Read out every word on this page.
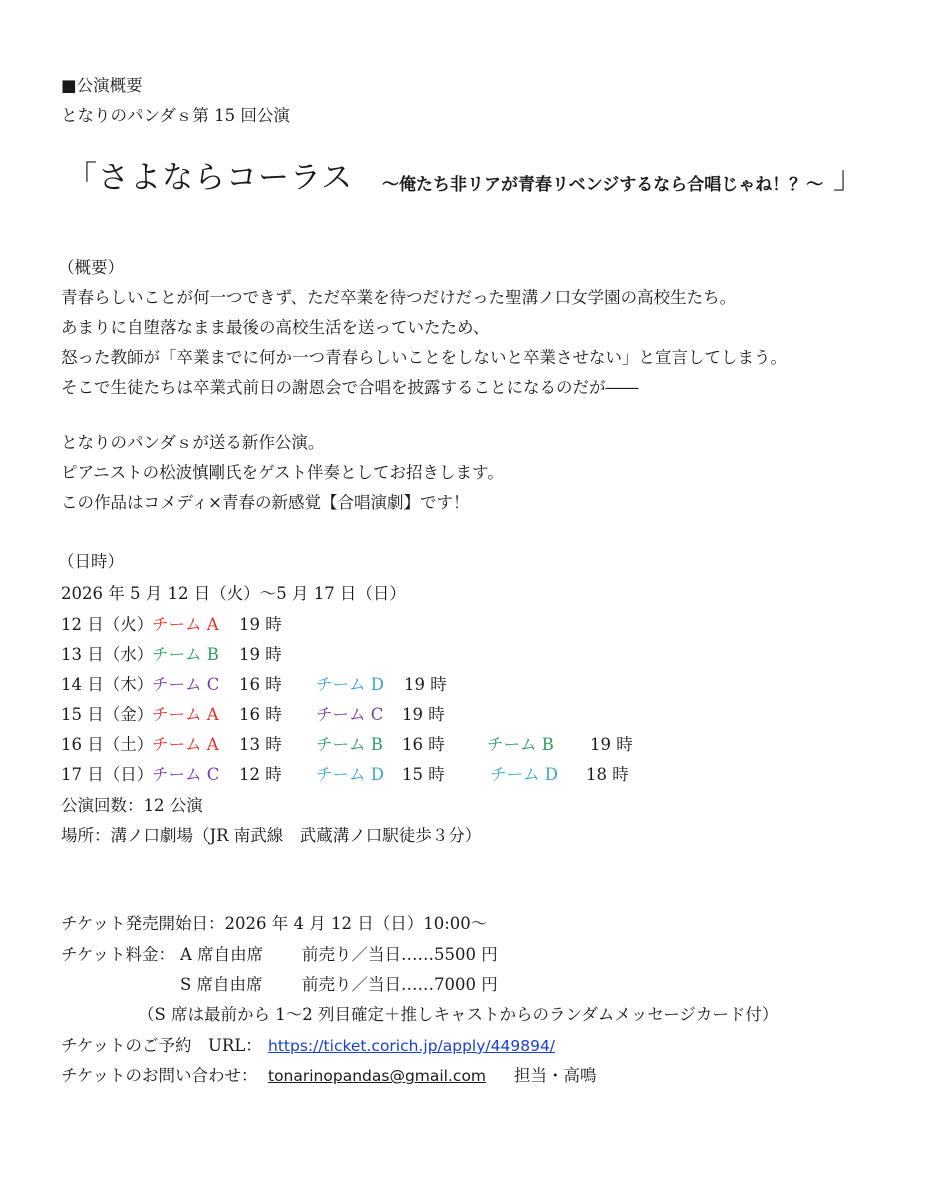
■公演概要
となりのパンダｓ第 15 回公演
「さよならコーラス ～俺たち非リアが青春リベンジするなら合唱じゃね！？～ 」
（概要）
青春らしいことが何一つできず、ただ卒業を待つだけだった聖溝ノ口女学園の高校生たち。
あまりに自堕落なまま最後の高校生活を送っていたため、
怒った教師が「卒業までに何か一つ青春らしいことをしないと卒業させない」と宣言してしまう。
そこで生徒たちは卒業式前日の謝恩会で合唱を披露することになるのだが――
となりのパンダｓが送る新作公演。
ピアニストの松波慎剛氏をゲスト伴奏としてお招きします。
この作品はコメディ×青春の新感覚【合唱演劇】です！
（日時）
2026 年 5 月 12 日（火）～5 月 17 日（日）
12 日（火）
チーム A 19 時
13 日（水）
チーム B 19 時
14 日（木）
チーム C 16 時 チーム D 19 時
15 日（金）
チーム A 16 時 チーム C 19 時
16 日（土）
チーム A 13 時 チーム B 16 時	チーム B 19 時
17 日（日）
チーム C 12 時 チーム D 15 時	チーム D 18 時
公演回数：12 公演
場所：溝ノ口劇場（JR 南武線　武蔵溝ノ口駅徒歩３分）
チケット発売開始日：2026 年 4 月 12 日（日）10:00～
チケット料金： A 席自由席 前売り／当日……5500 円
S 席自由席 前売り／当日……7000 円
（S 席は最前から 1～2 列目確定＋推しキャストからのランダムメッセージカード付）
チケットのご予約　URL： https://ticket.corich.jp/apply/449894/
チケットのお問い合わせ： tonarinopandas@gmail.com 担当・高鳴
